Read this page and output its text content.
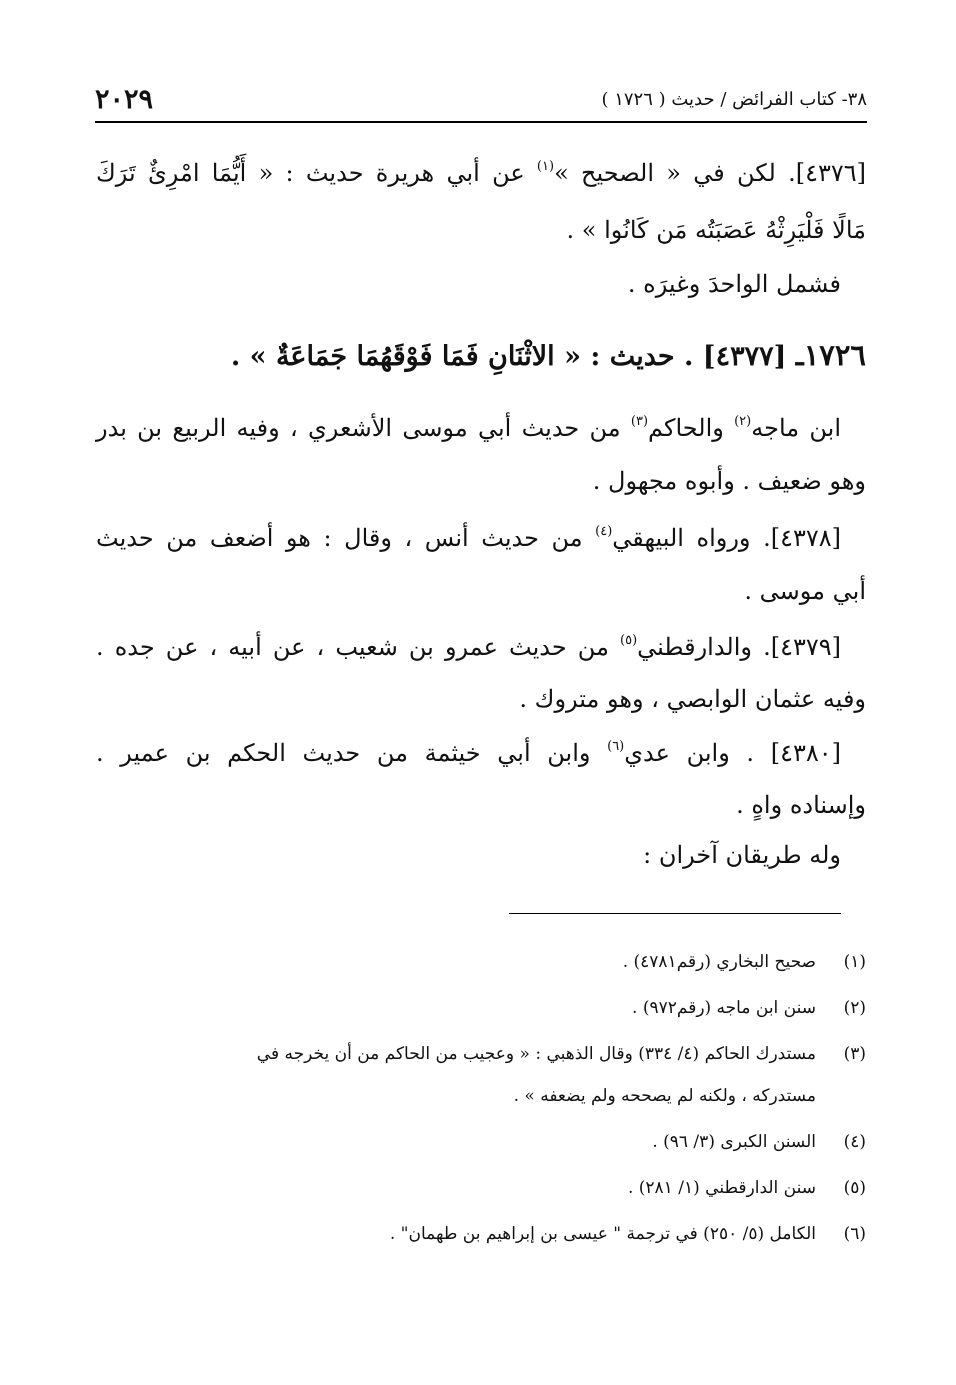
٣٨- كتاب الفرائض / حديث ( ١٧٢٦ )
٢٠٢٩
[٤٣٧٦]. لكن في « الصحيح »$^{(١)}$ عن أبي هريرة حديث : « أَيُّمَا امْرِئٌ تَرَكَ
مَالًا فَلْيَرِثْهُ عَصَبَتُه مَن كَانُوا » .
فشمل الواحدَ وغيرَه .
١٧٢٦ـ [٤٣٧٧] . حديث : « الاثْنَانِ فَمَا فَوْقَهُمَا جَمَاعَةٌ » .
ابن ماجه$^{(٢)}$ والحاكم$^{(٣)}$ من حديث أبي موسى الأشعري ، وفيه الربيع بن بدر
وهو ضعيف . وأبوه مجهول .
[٤٣٧٨]. ورواه البيهقي$^{(٤)}$ من حديث أنس ، وقال : هو أضعف من حديث
أبي موسى .
[٤٣٧٩]. والدارقطني$^{(٥)}$ من حديث عمرو بن شعيب ، عن أبيه ، عن جده .
وفيه عثمان الوابصي ، وهو متروك .
[٤٣٨٠] . وابن عدي$^{(٦)}$ وابن أبي خيثمة من حديث الحكم بن عمير .
وإسناده واهٍ .
وله طريقان آخران :
(١)صحيح البخاري (رقم٤٧٨١) .
(٢)سنن ابن ماجه (رقم٩٧٢) .
(٣)مستدرك الحاكم (٤/ ٣٣٤) وقال الذهبي : « وعجيب من الحاكم من أن يخرجه في
مستدركه ، ولكنه لم يصححه ولم يضعفه » .
(٤)السنن الكبرى (٣/ ٩٦) .
(٥)سنن الدارقطني (١/ ٢٨١) .
(٦)الكامل (٥/ ٢٥٠) في ترجمة " عيسى بن إبراهيم بن طهمان" .
